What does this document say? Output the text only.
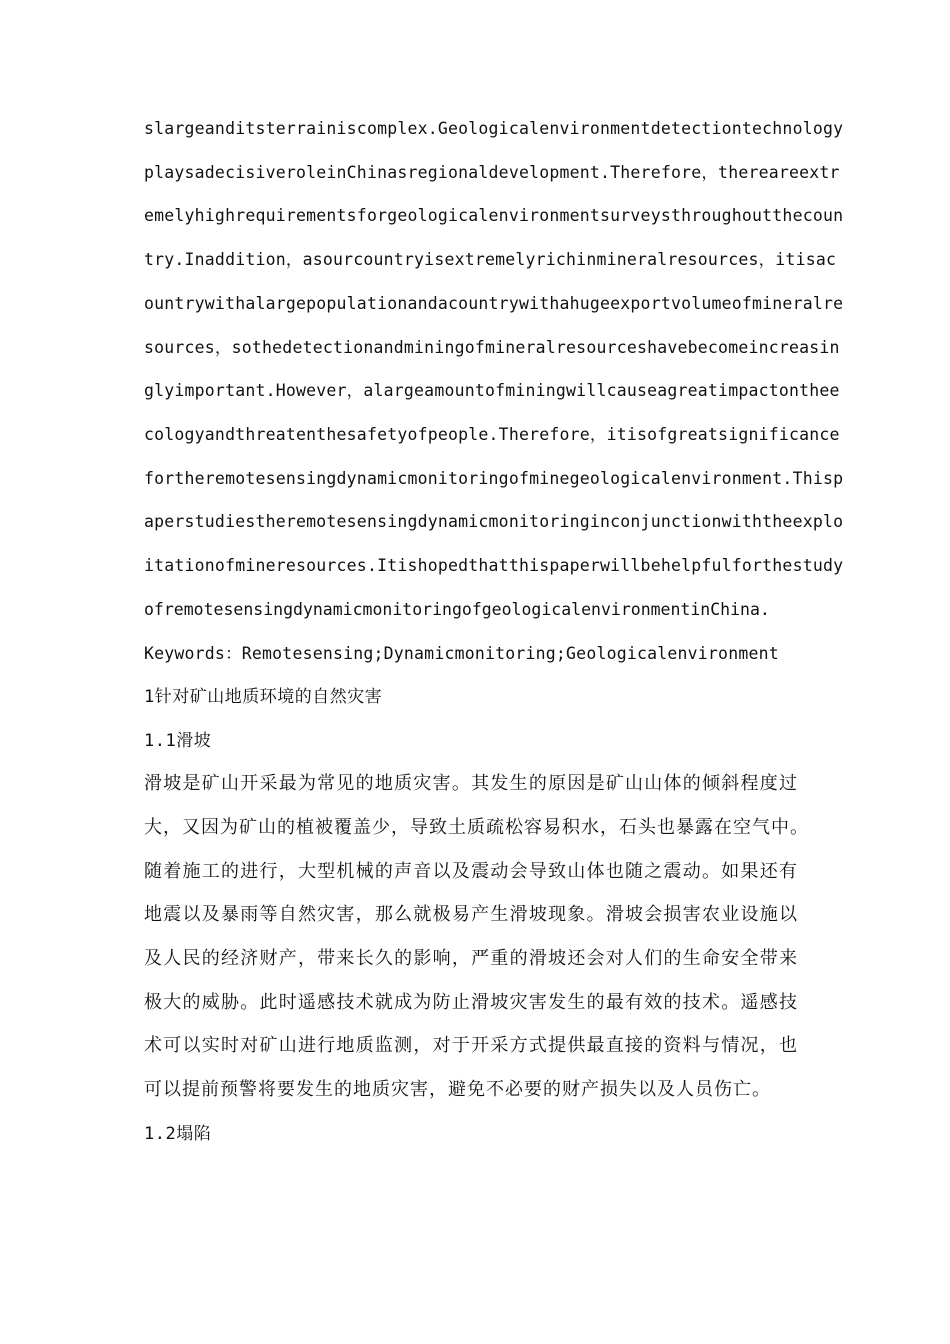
slargeanditsterrainiscomplex.Geologicalenvironmentdetectiontechnology
playsadecisiveroleinChinasregionaldevelopment.Therefore，thereareextr
emelyhighrequirementsforgeologicalenvironmentsurveysthroughoutthecoun
try.Inaddition，asourcountryisextremelyrichinmineralresources，itisac
ountrywithalargepopulationandacountrywithahugeexportvolumeofmineralre
sources，sothedetectionandminingofmineralresourceshavebecomeincreasin
glyimportant.However，alargeamountofminingwillcauseagreatimpactonthee
cologyandthreatenthesafetyofpeople.Therefore，itisofgreatsignificance
fortheremotesensingdynamicmonitoringofminegeologicalenvironment.Thisp
aperstudiestheremotesensingdynamicmonitoringinconjunctionwiththeexplo
itationofmineresources.Itishopedthatthispaperwillbehelpfulforthestudy
ofremotesensingdynamicmonitoringofgeologicalenvironmentinChina.
Keywords：Remotesensing;Dynamicmonitoring;Geologicalenvironment
1针对矿山地质环境的自然灾害
1.1滑坡
滑坡是矿山开采最为常见的地质灾害。其发生的原因是矿山山体的倾斜程度过
大，又因为矿山的植被覆盖少，导致土质疏松容易积水，石头也暴露在空气中。
随着施工的进行，大型机械的声音以及震动会导致山体也随之震动。如果还有
地震以及暴雨等自然灾害，那么就极易产生滑坡现象。滑坡会损害农业设施以
及人民的经济财产，带来长久的影响，严重的滑坡还会对人们的生命安全带来
极大的威胁。此时遥感技术就成为防止滑坡灾害发生的最有效的技术。遥感技
术可以实时对矿山进行地质监测，对于开采方式提供最直接的资料与情况，也
可以提前预警将要发生的地质灾害，避免不必要的财产损失以及人员伤亡。
1.2塌陷
